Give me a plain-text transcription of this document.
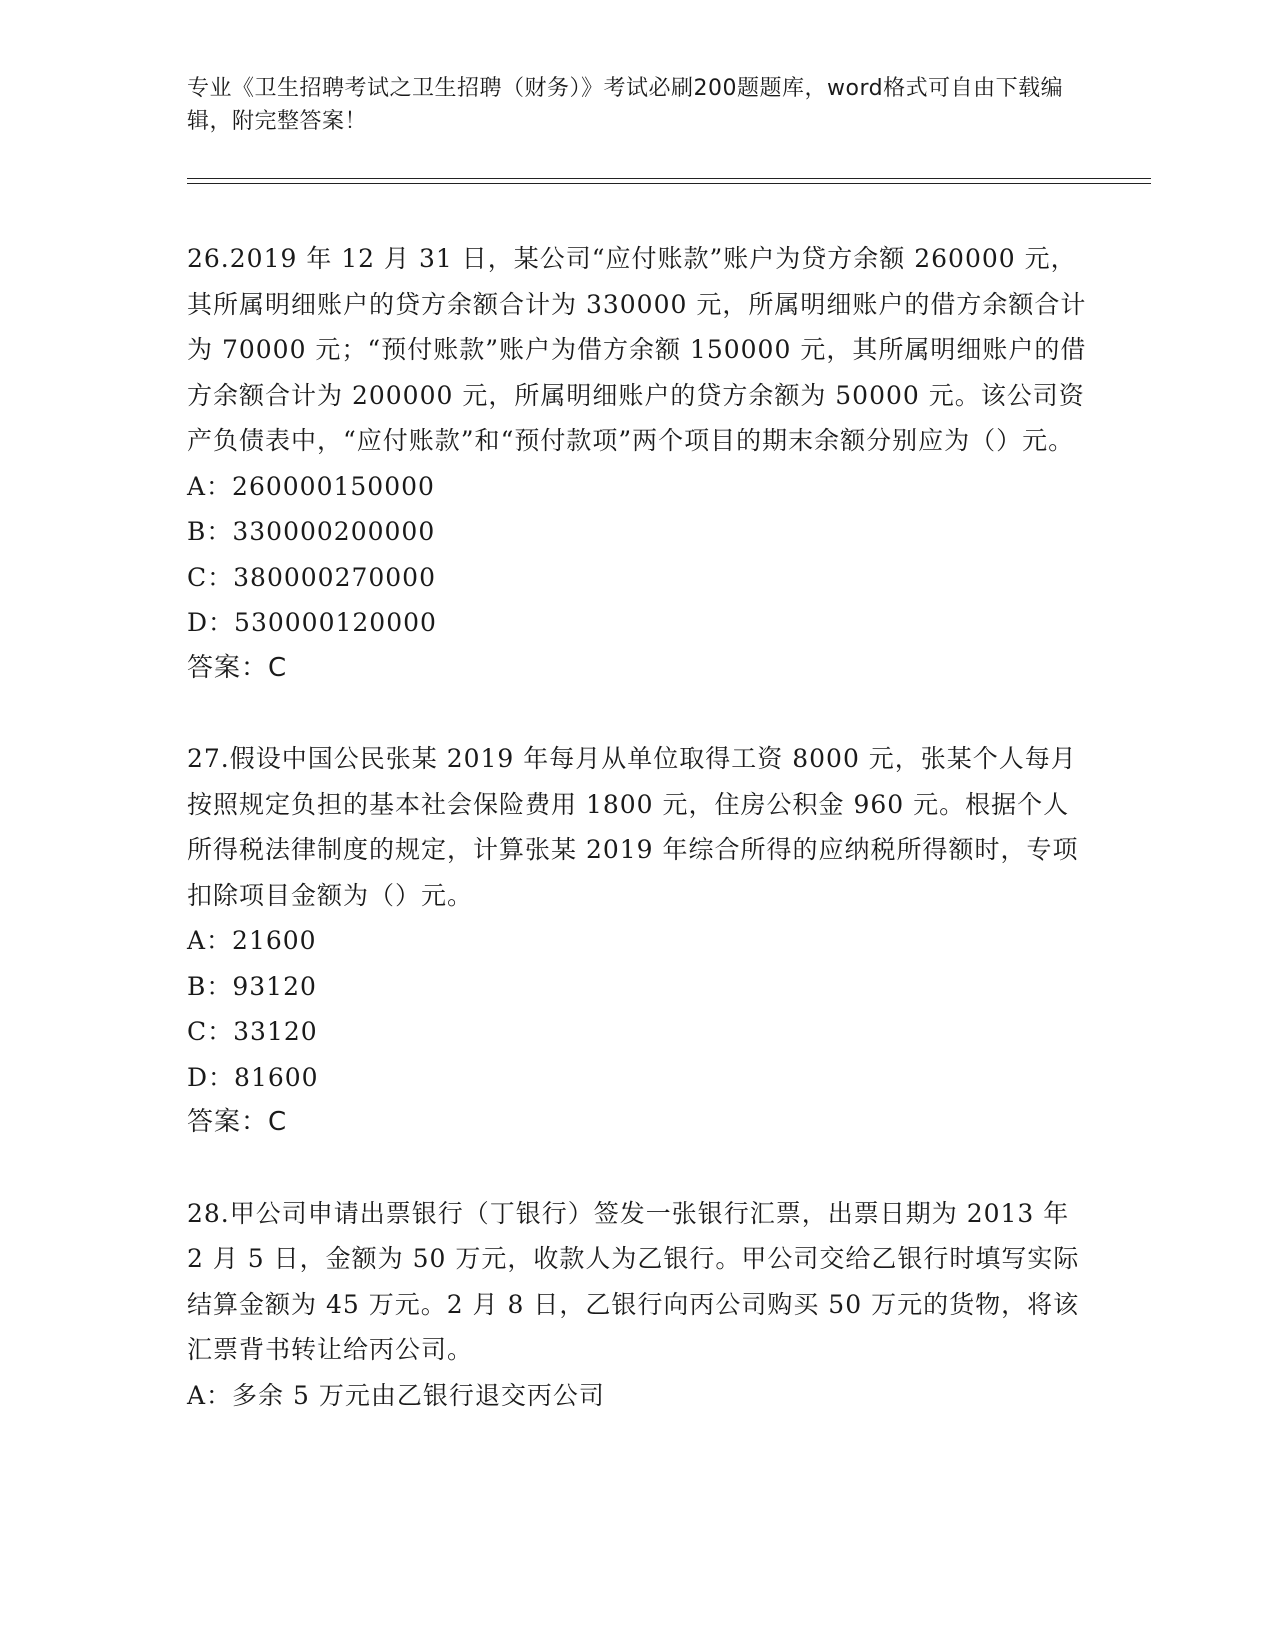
专业《卫生招聘考试之卫生招聘（财务）》考试必刷200题题库，word格式可自由下载编辑，附完整答案！
26.2019 年 12 月 31 日，某公司“应付账款”账户为贷方余额 260000 元，其所属明细账户的贷方余额合计为 330000 元，所属明细账户的借方余额合计为 70000 元；“预付账款”账户为借方余额 150000 元，其所属明细账户的借方余额合计为 200000 元，所属明细账户的贷方余额为 50000 元。该公司资产负债表中，“应付账款”和“预付款项”两个项目的期末余额分别应为（）元。
A：260000150000
B：330000200000
C：380000270000
D：530000120000
答案：C
27.假设中国公民张某 2019 年每月从单位取得工资 8000 元，张某个人每月按照规定负担的基本社会保险费用 1800 元，住房公积金 960 元。根据个人所得税法律制度的规定，计算张某 2019 年综合所得的应纳税所得额时，专项扣除项目金额为（）元。
A：21600
B：93120
C：33120
D：81600
答案：C
28.甲公司申请出票银行（丁银行）签发一张银行汇票，出票日期为 2013 年 2 月 5 日，金额为 50 万元，收款人为乙银行。甲公司交给乙银行时填写实际结算金额为 45 万元。2 月 8 日，乙银行向丙公司购买 50 万元的货物，将该汇票背书转让给丙公司。
A：多余 5 万元由乙银行退交丙公司
